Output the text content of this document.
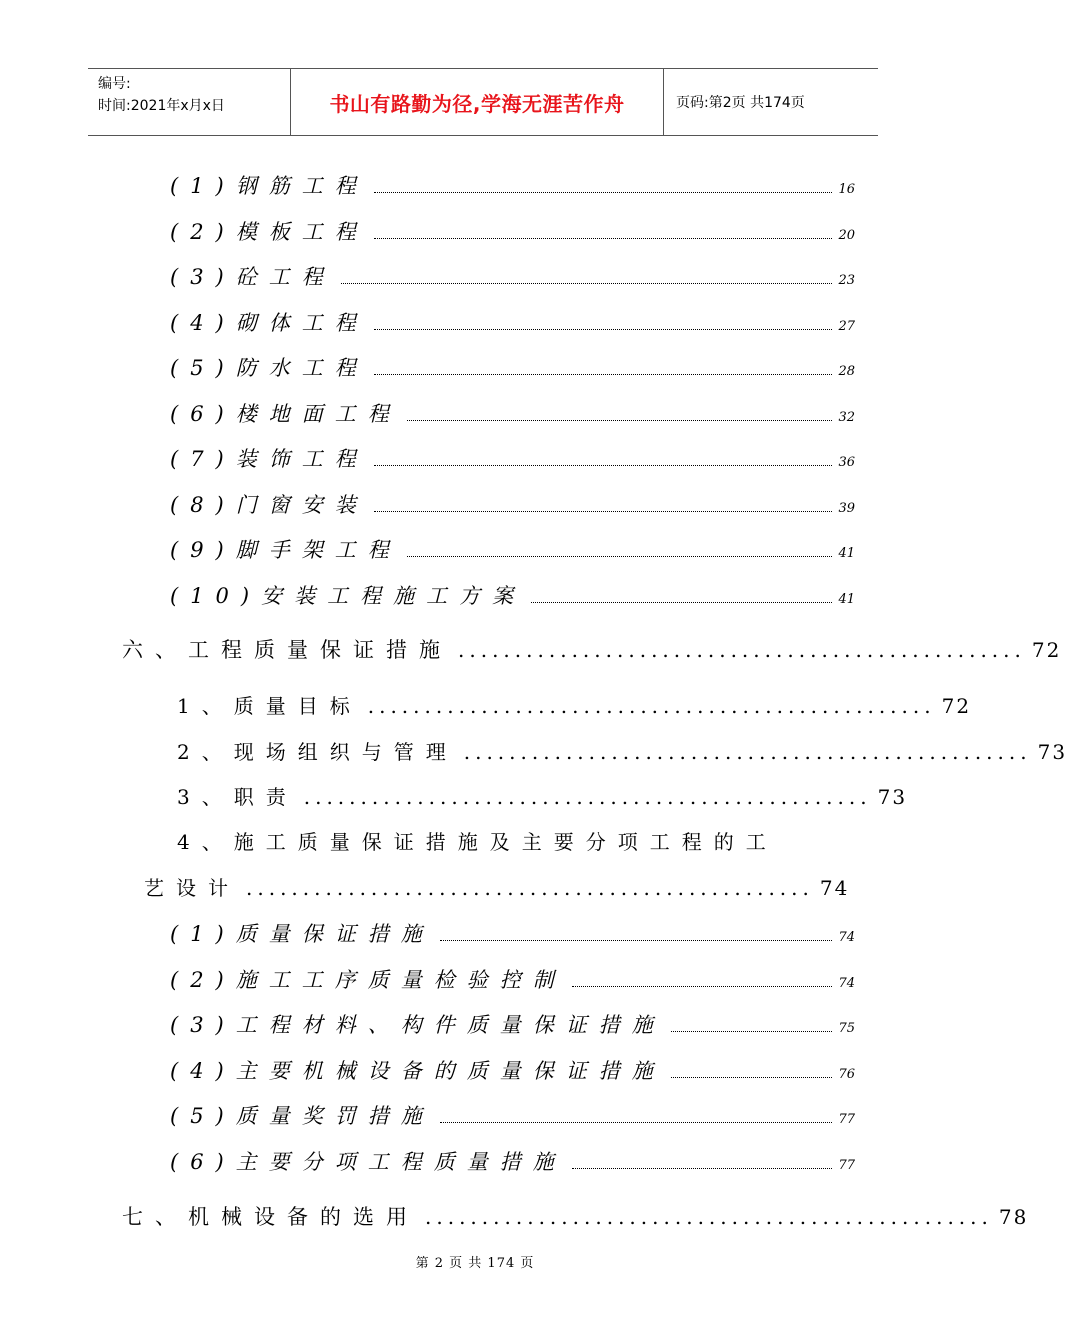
编号:
时间:2021年x月x日	书山有路勤为径,学海无涯苦作舟	页码:第2页 共174页
(1) 钢筋工程	16
(2) 模板工程	20
(3) 砼工程	23
(4) 砌体工程	27
(5) 防水工程	28
(6) 楼地面工程	32
(7) 装饰工程	36
(8) 门窗安装	39
(9) 脚手架工程	41
(10) 安装工程施工方案	41
六、 工程质量保证措施 .................................................. 72
1、 质量目标 .................................................. 72
2、 现场组织与管理 .................................................. 73
3、 职责 .................................................. 73
4、施工质量保证措施及主要分项工程的工
艺设计 .................................................. 74
(1) 质量保证措施	74
(2) 施工工序质量检验控制	74
(3) 工程材料、构件质量保证措施	75
(4) 主要机械设备的质量保证措施	76
(5) 质量奖罚措施	77
(6) 主要分项工程质量措施	77
七、 机械设备的选用 .................................................. 78
第 2 页 共 174 页
